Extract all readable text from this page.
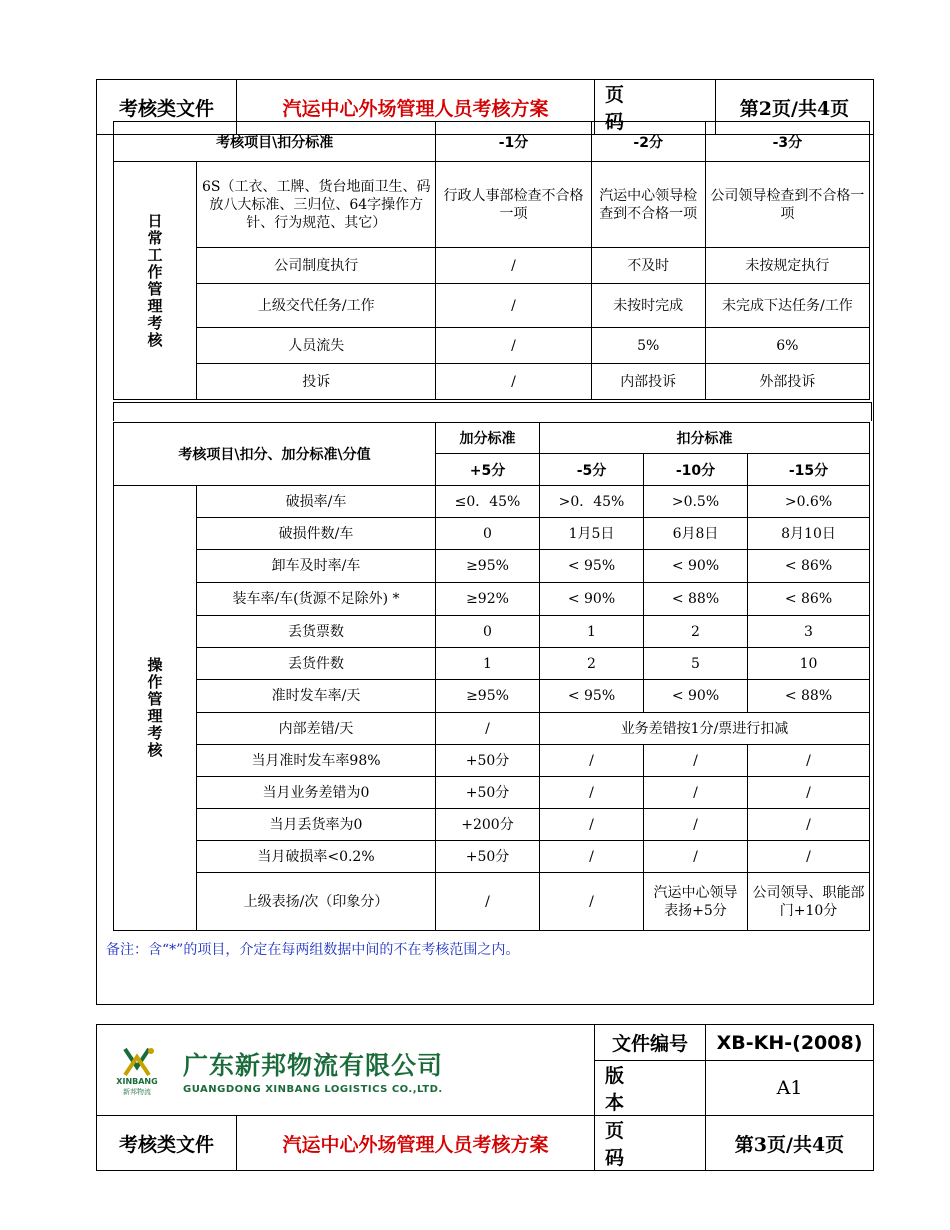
考核类文件	汽运中心外场管理人员考核方案	页码	第2页/共4页
考核项目\扣分标准		-1分	-2分	-3分

日常工作管理考核	6S（工衣、工牌、货台地面卫生、码放八大标准、三归位、64字操作方针、行为规范、其它）	行政人事部检查不合格一项	汽运中心领导检查到不合格一项	公司领导检查到不合格一项
	公司制度执行	/	不及时	未按规定执行
	上级交代任务/工作	/	未按时完成	未完成下达任务/工作
	人员流失	/	5%	6%
	投诉	/	内部投诉	外部投诉
考核项目\扣分、加分标准\分值		加分标准	扣分标准		
		+5分	-5分	-10分	-15分

操作管理考核	破损率/车	≤0．45%	>0．45%	>0.5%	>0.6%
	破损件数/车	0	1月5日	6月8日	8月10日
	卸车及时率/车	≥95%	< 95%	< 90%	< 86%
	装车率/车(货源不足除外) *	≥92%	< 90%	< 88%	< 86%
	丢货票数	0	1	2	3
	丢货件数	1	2	5	10
	准时发车率/天	≥95%	< 95%	< 90%	< 88%
	内部差错/天	/	业务差错按1分/票进行扣减		
	当月准时发车率98%	+50分	/	/	/
	当月业务差错为0	+50分	/	/	/
	当月丢货率为0	+200分	/	/	/
	当月破损率<0.2%	+50分	/	/	/
	上级表扬/次（印象分）	/	/	汽运中心领导表扬+5分	公司领导、职能部门+10分
备注：含“*”的项目，介定在每两组数据中间的不在考核范围之内。
XINBANG
新邦物流
广东新邦物流有限公司
GUANGDONG XINBANG LOGISTICS CO.,LTD.		文件编号	XB-KH-(2008)
		版本	A1
考核类文件	汽运中心外场管理人员考核方案	页码	第3页/共4页
